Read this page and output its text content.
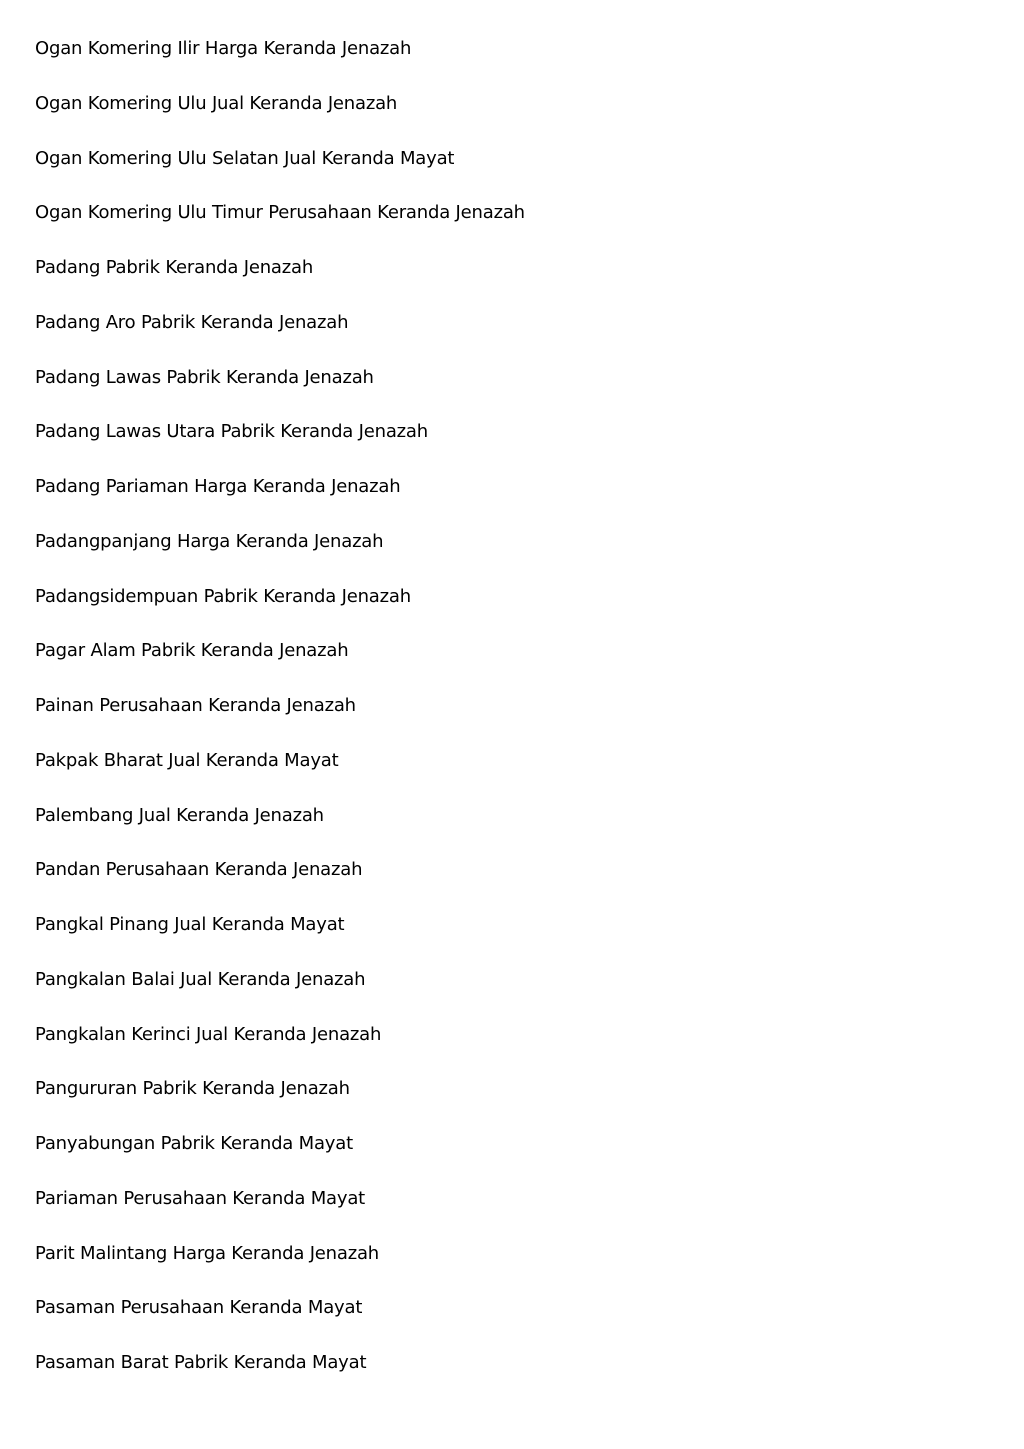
Ogan Komering Ilir Harga Keranda Jenazah
Ogan Komering Ulu Jual Keranda Jenazah
Ogan Komering Ulu Selatan Jual Keranda Mayat
Ogan Komering Ulu Timur Perusahaan Keranda Jenazah
Padang Pabrik Keranda Jenazah
Padang Aro Pabrik Keranda Jenazah
Padang Lawas Pabrik Keranda Jenazah
Padang Lawas Utara Pabrik Keranda Jenazah
Padang Pariaman Harga Keranda Jenazah
Padangpanjang Harga Keranda Jenazah
Padangsidempuan Pabrik Keranda Jenazah
Pagar Alam Pabrik Keranda Jenazah
Painan Perusahaan Keranda Jenazah
Pakpak Bharat Jual Keranda Mayat
Palembang Jual Keranda Jenazah
Pandan Perusahaan Keranda Jenazah
Pangkal Pinang Jual Keranda Mayat
Pangkalan Balai Jual Keranda Jenazah
Pangkalan Kerinci Jual Keranda Jenazah
Pangururan Pabrik Keranda Jenazah
Panyabungan Pabrik Keranda Mayat
Pariaman Perusahaan Keranda Mayat
Parit Malintang Harga Keranda Jenazah
Pasaman Perusahaan Keranda Mayat
Pasaman Barat Pabrik Keranda Mayat
